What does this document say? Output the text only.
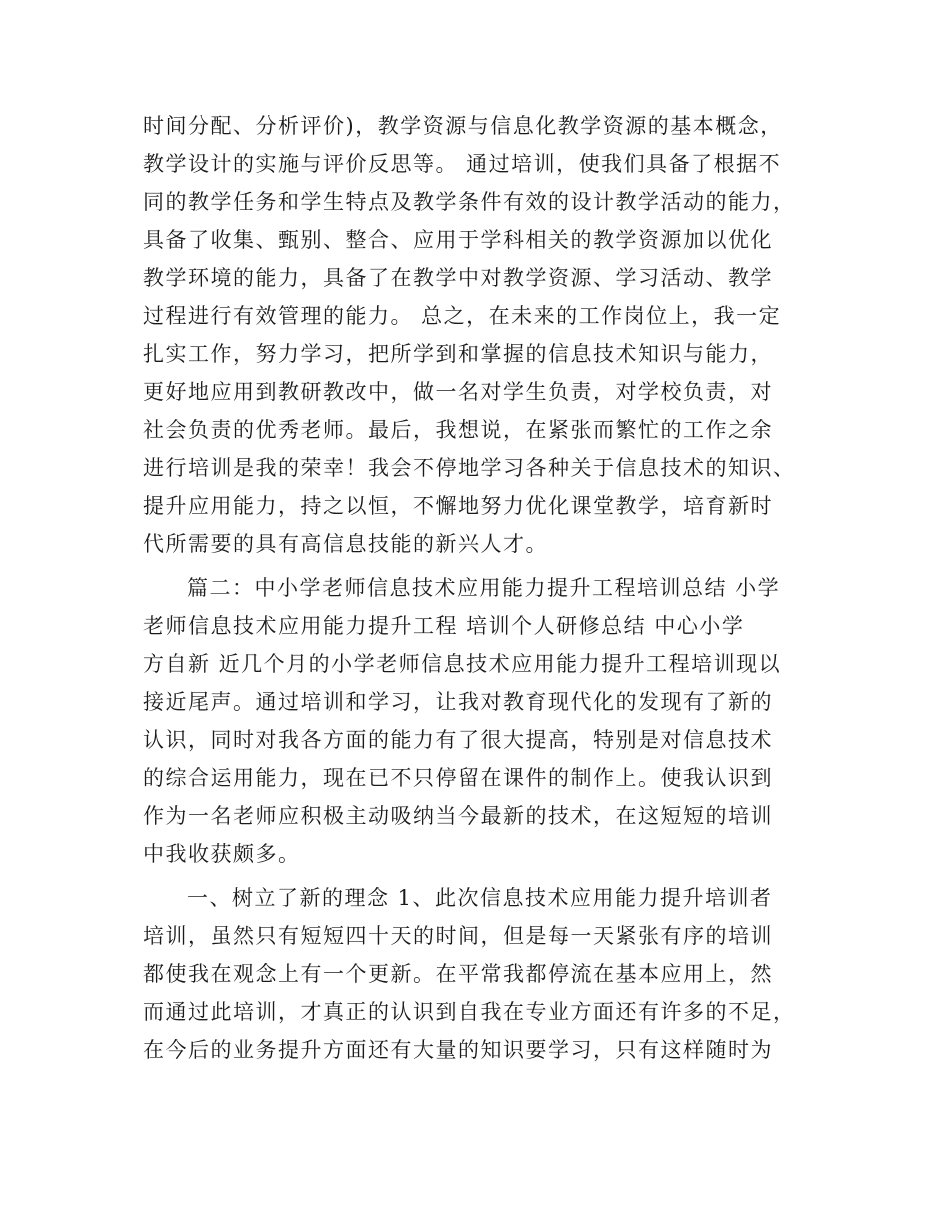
时间分配、分析评价)，教学资源与信息化教学资源的基本概念，
教学设计的实施与评价反思等。 通过培训，使我们具备了根据不
同的教学任务和学生特点及教学条件有效的设计教学活动的能力，
具备了收集、甄别、整合、应用于学科相关的教学资源加以优化
教学环境的能力，具备了在教学中对教学资源、学习活动、教学
过程进行有效管理的能力。 总之，在未来的工作岗位上，我一定
扎实工作，努力学习，把所学到和掌握的信息技术知识与能力，
更好地应用到教研教改中，做一名对学生负责，对学校负责，对
社会负责的优秀老师。最后，我想说，在紧张而繁忙的工作之余
进行培训是我的荣幸！我会不停地学习各种关于信息技术的知识、
提升应用能力，持之以恒，不懈地努力优化课堂教学，培育新时
代所需要的具有高信息技能的新兴人才。
篇二：中小学老师信息技术应用能力提升工程培训总结 小学
老师信息技术应用能力提升工程 培训个人研修总结 中心小学
方自新 近几个月的小学老师信息技术应用能力提升工程培训现以
接近尾声。通过培训和学习，让我对教育现代化的发现有了新的
认识，同时对我各方面的能力有了很大提高，特别是对信息技术
的综合运用能力，现在已不只停留在课件的制作上。使我认识到
作为一名老师应积极主动吸纳当今最新的技术，在这短短的培训
中我收获颇多。
一、树立了新的理念 1、此次信息技术应用能力提升培训者
培训，虽然只有短短四十天的时间，但是每一天紧张有序的培训
都使我在观念上有一个更新。在平常我都停流在基本应用上，然
而通过此培训，才真正的认识到自我在专业方面还有许多的不足，
在今后的业务提升方面还有大量的知识要学习，只有这样随时为
